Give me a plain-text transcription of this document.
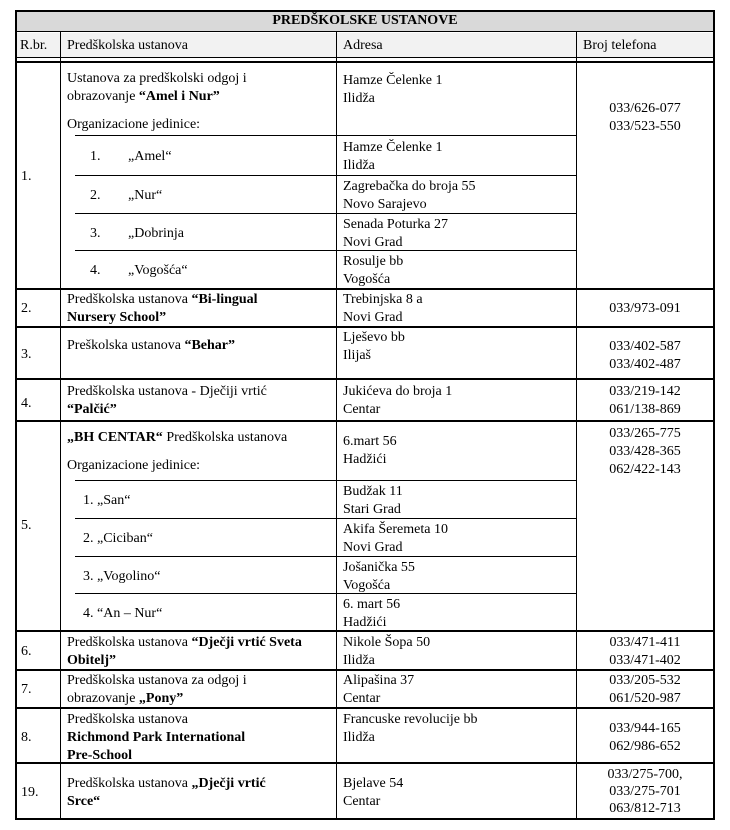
PREDŠKOLSKE USTANOVE
R.br. Predškolska ustanova	Adresa	Broj telefona
1.
Ustanova za predškolski odgoj i
obrazovanje “Amel i Nur”
Organizacione jedinice:
Hamze Čelenke 1
Ilidža
033/626-077
033/523-550
1. „Amel“
Hamze Čelenke 1
Ilidža
2. „Nur“
Zagrebačka do broja 55
Novo Sarajevo
3. „Dobrinja
Senada Poturka 27
Novi Grad
4. „Vogošća“
Rosulje bb
Vogošća
2.
Predškolska ustanova “Bi-lingual
Nursery School”
Trebinjska 8 a
Novi Grad
033/973-091
3.
Preškolska ustanova “Behar”
Lješevo bb
Ilijaš
033/402-587
033/402-487
4.
Predškolska ustanova - Dječiji vrtić
“Palčić”
Jukićeva do broja 1
Centar
033/219-142
061/138-869
5.
„BH CENTAR“ Predškolska ustanova
Organizacione jedinice:
6.mart 56
Hadžići
033/265-775
033/428-365
062/422-143
1. „San“
Budžak 11
Stari Grad
2. „Ciciban“
Akifa Šeremeta 10
Novi Grad
3. „Vogolino“
Jošanička 55
Vogošća
4. “An – Nur“
6. mart 56
Hadžići
6.
Predškolska ustanova “Dječji vrtić Sveta
Obitelj”
Nikole Šopa 50
Ilidža
033/471-411
033/471-402
7.
Predškolska ustanova za odgoj i
obrazovanje „Pony”
Alipašina 37
Centar
033/205-532
061/520-987
8.
Predškolska ustanova
Richmond Park International
Pre-School
Francuske revolucije bb
Ilidža
033/944-165
062/986-652
19.
Predškolska ustanova „Dječji vrtić
Srce“
Bjelave 54
Centar
033/275-700,
033/275-701
063/812-713
